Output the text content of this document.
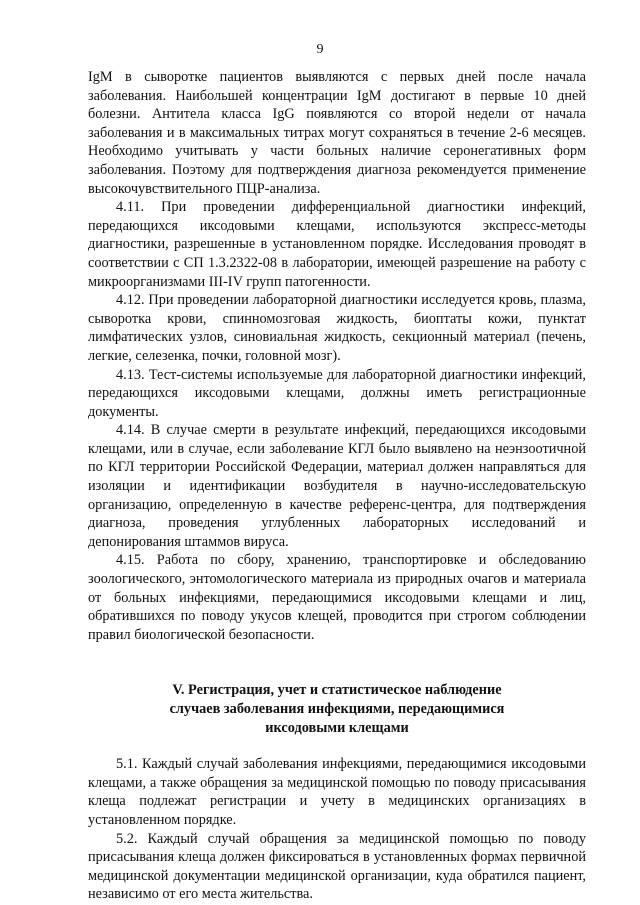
9

IgM в сыворотке пациентов выявляются с первых дней после начала заболевания. Наибольшей концентрации IgM достигают в первые 10 дней болезни. Антитела класса IgG появляются со второй недели от начала заболевания и в максимальных титрах могут сохраняться в течение 2-6 месяцев. Необходимо учитывать у части больных наличие серонегативных форм заболевания. Поэтому для подтверждения диагноза рекомендуется применение высокочувствительного ПЦР-анализа.

4.11. При проведении дифференциальной диагностики инфекций, передающихся иксодовыми клещами, используются экспресс-методы диагностики, разрешенные в установленном порядке. Исследования проводят в соответствии с СП 1.3.2322-08 в лаборатории, имеющей разрешение на работу с микроорганизмами III-IV групп патогенности.

4.12. При проведении лабораторной диагностики исследуется кровь, плазма, сыворотка крови, спинномозговая жидкость, биоптаты кожи, пунктат лимфатических узлов, синовиальная жидкость, секционный материал (печень, легкие, селезенка, почки, головной мозг).

4.13. Тест-системы используемые для лабораторной диагностики инфекций, передающихся иксодовыми клещами, должны иметь регистрационные документы.

4.14. В случае смерти в результате инфекций, передающихся иксодовыми клещами, или в случае, если заболевание КГЛ было выявлено на неэнзоотичной по КГЛ территории Российской Федерации, материал должен направляться для изоляции и идентификации возбудителя в научно-исследовательскую организацию, определенную в качестве референс-центра, для подтверждения диагноза, проведения углубленных лабораторных исследований и депонирования штаммов вируса.

4.15. Работа по сбору, хранению, транспортировке и обследованию зоологического, энтомологического материала из природных очагов и материала от больных инфекциями, передающимися иксодовыми клещами и лиц, обратившихся по поводу укусов клещей, проводится при строгом соблюдении правил биологической безопасности.

V. Регистрация, учет и статистическое наблюдение
случаев заболевания инфекциями, передающимися
иксодовыми клещами

5.1. Каждый случай заболевания инфекциями, передающимися иксодовыми клещами, а также обращения за медицинской помощью по поводу присасывания клеща подлежат регистрации и учету в медицинских организациях в установленном порядке.

5.2. Каждый случай обращения за медицинской помощью по поводу присасывания клеща должен фиксироваться в установленных формах первичной медицинской документации медицинской организации, куда обратился пациент, независимо от его места жительства.
